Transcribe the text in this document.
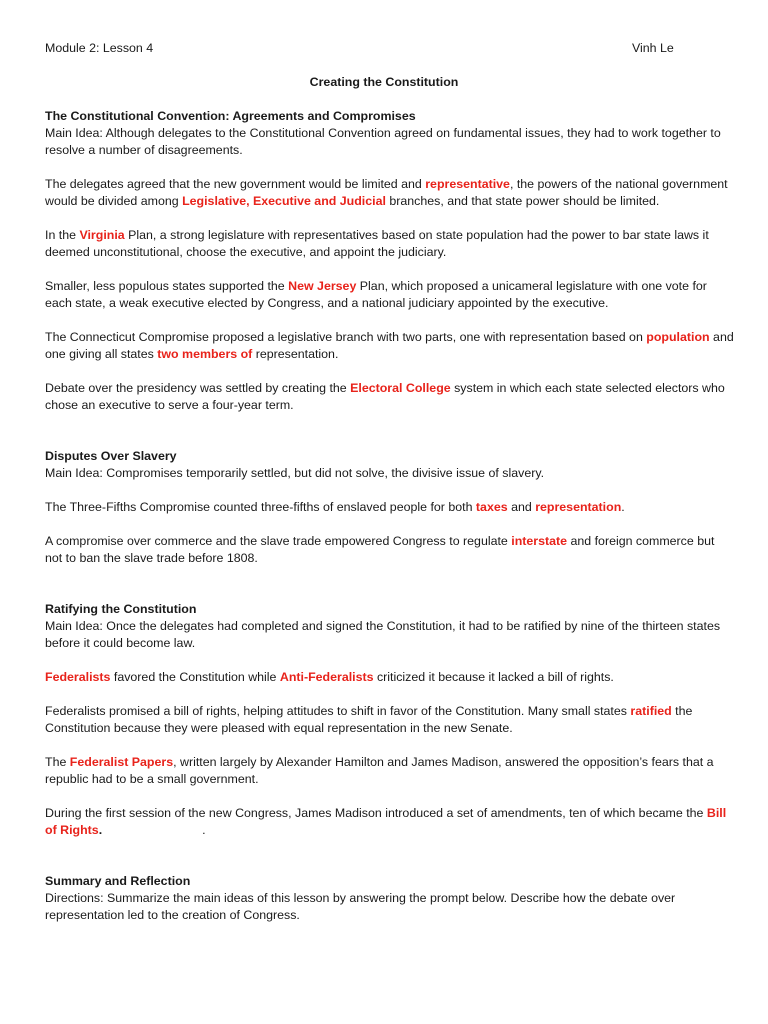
Module 2: Lesson 4	Vinh Le
Creating the Constitution

The Constitutional Convention: Agreements and Compromises

Main Idea: Although delegates to the Constitutional Convention agreed on fundamental issues, they had to work together to resolve a number of disagreements.

The delegates agreed that the new government would be limited and representative, the powers of the national government would be divided among Legislative, Executive and Judicial branches, and that state power should be limited.

In the Virginia Plan, a strong legislature with representatives based on state population had the power to bar state laws it deemed unconstitutional, choose the executive, and appoint the judiciary.

Smaller, less populous states supported the New Jersey Plan, which proposed a unicameral legislature with one vote for each state, a weak executive elected by Congress, and a national judiciary appointed by the executive.

The Connecticut Compromise proposed a legislative branch with two parts, one with representation based on population and one giving all states two members of representation.

Debate over the presidency was settled by creating the Electoral College system in which each state selected electors who chose an executive to serve a four-year term.

Disputes Over Slavery

Main Idea: Compromises temporarily settled, but did not solve, the divisive issue of slavery.

The Three-Fifths Compromise counted three-fifths of enslaved people for both taxes and representation.

A compromise over commerce and the slave trade empowered Congress to regulate interstate and foreign commerce but not to ban the slave trade before 1808.

Ratifying the Constitution

Main Idea: Once the delegates had completed and signed the Constitution, it had to be ratified by nine of the thirteen states before it could become law.

Federalists favored the Constitution while Anti-Federalists criticized it because it lacked a bill of rights.

Federalists promised a bill of rights, helping attitudes to shift in favor of the Constitution. Many small states ratified the Constitution because they were pleased with equal representation in the new Senate.

The Federalist Papers, written largely by Alexander Hamilton and James Madison, answered the opposition’s fears that a republic had to be a small government.

During the first session of the new Congress, James Madison introduced a set of amendments, ten of which became the Bill of Rights.	.

Summary and Reflection

Directions: Summarize the main ideas of this lesson by answering the prompt below. Describe how the debate over representation led to the creation of Congress.
